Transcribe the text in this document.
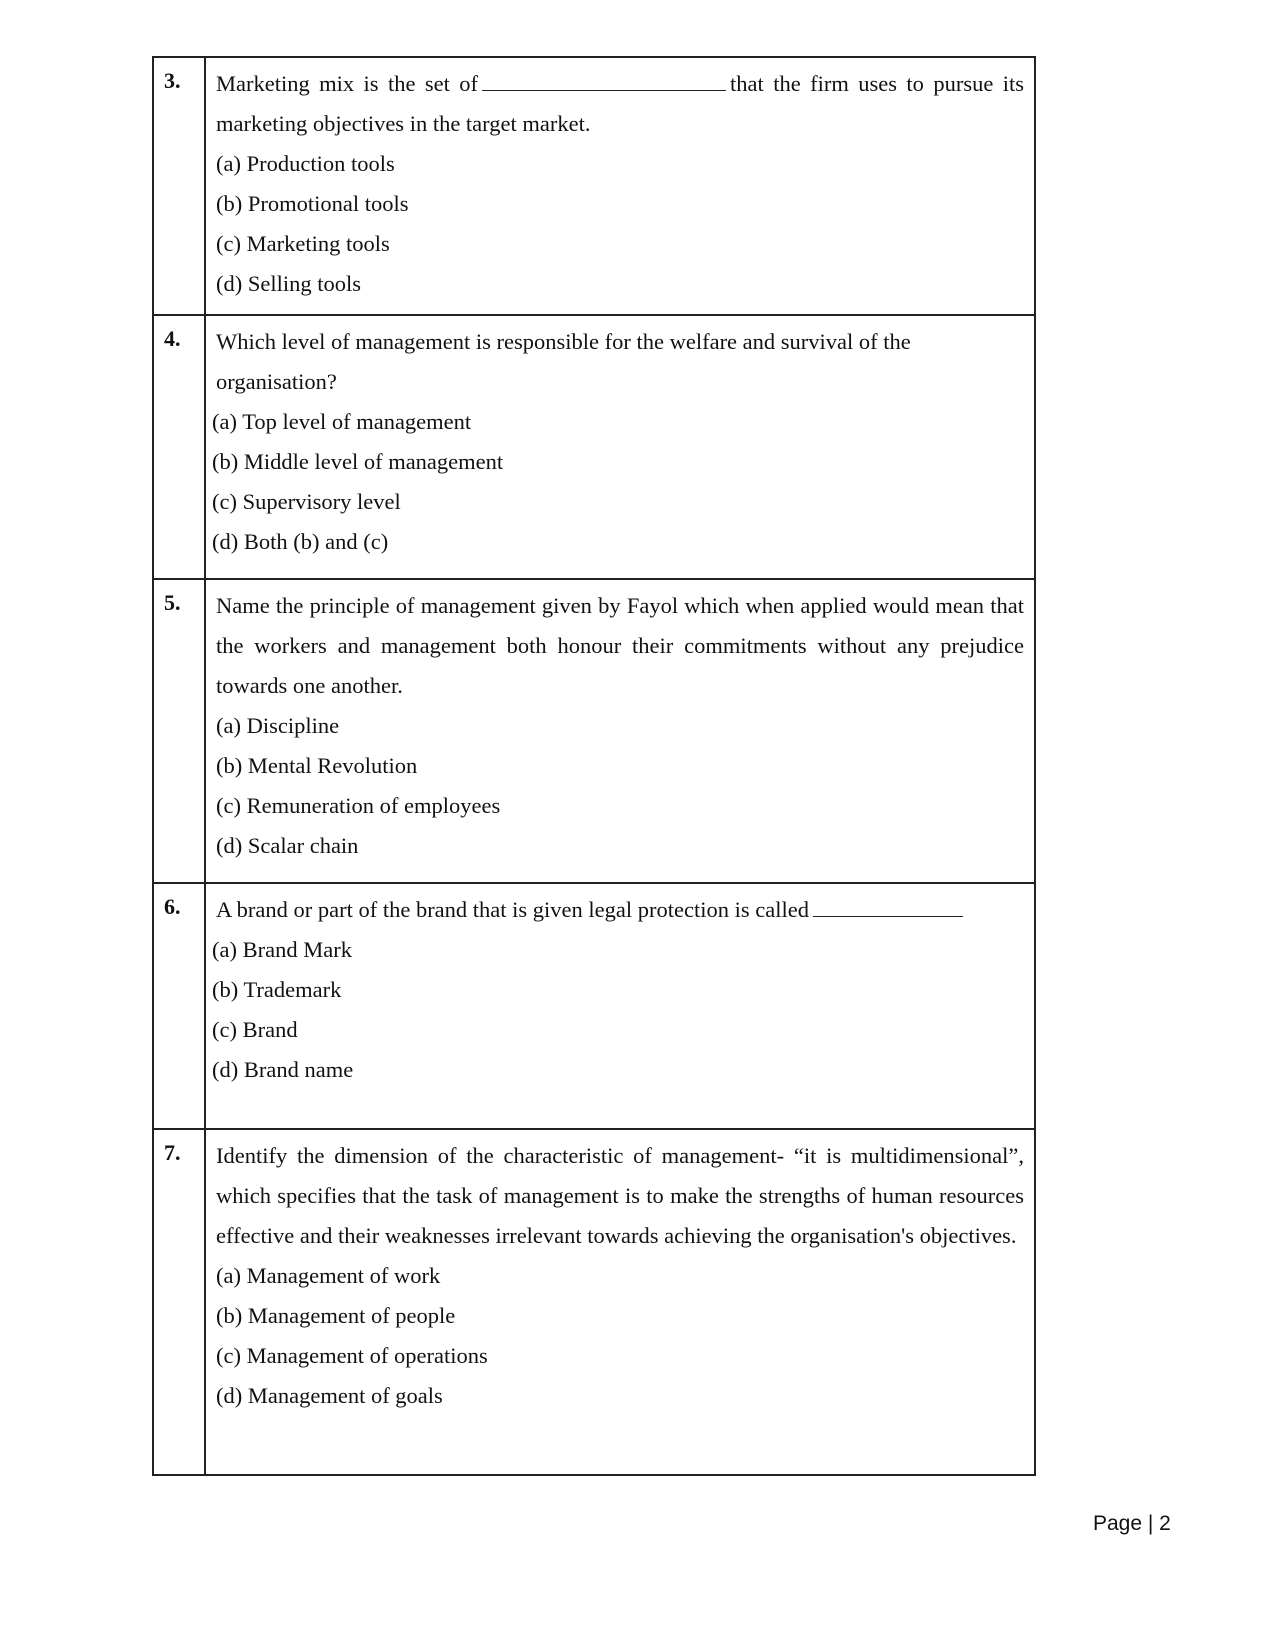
3.	Marketing mix is the set of that the firm uses to pursue its marketing objectives in the target market.
(a) Production tools
(b) Promotional tools
(c) Marketing tools
(d) Selling tools

4.	Which level of management is responsible for the welfare and survival of the organisation?
(a) Top level of management
(b) Middle level of management
(c) Supervisory level
(d) Both (b) and (c)

5.	Name the principle of management given by Fayol which when applied would mean that the workers and management both honour their commitments without any prejudice towards one another.
(a) Discipline
(b) Mental Revolution
(c) Remuneration of employees
(d) Scalar chain

6.	A brand or part of the brand that is given legal protection is called
(a) Brand Mark
(b) Trademark
(c) Brand
(d) Brand name

7.	Identify the dimension of the characteristic of management- “it is multidimensional”, which specifies that the task of management is to make the strengths of human resources effective and their weaknesses irrelevant towards achieving the organisation's objectives.
(a) Management of work
(b) Management of people
(c) Management of operations
(d) Management of goals
Page | 2
